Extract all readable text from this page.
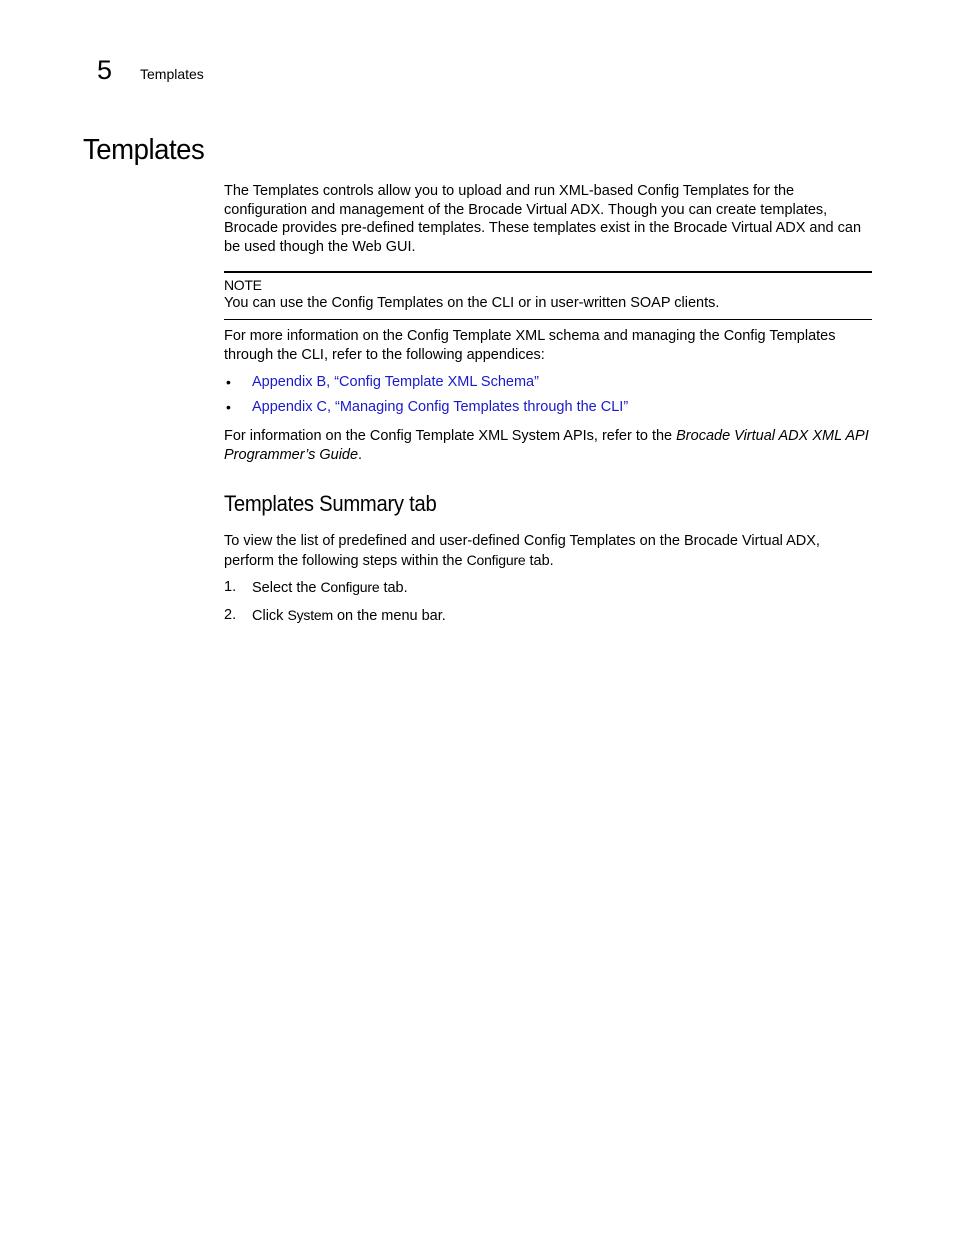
5 Templates
Templates

The Templates controls allow you to upload and run XML-based Config Templates for the configuration and management of the Brocade Virtual ADX. Though you can create templates, Brocade provides pre-defined templates. These templates exist in the Brocade Virtual ADX and can be used though the Web GUI.

NOTE
You can use the Config Templates on the CLI or in user-written SOAP clients.

For more information on the Config Template XML schema and managing the Config Templates through the CLI, refer to the following appendices:

• Appendix B, “Config Template XML Schema”
• Appendix C, “Managing Config Templates through the CLI”

For information on the Config Template XML System APIs, refer to the Brocade Virtual ADX XML API Programmer’s Guide.

Templates Summary tab

To view the list of predefined and user-defined Config Templates on the Brocade Virtual ADX, perform the following steps within the Configure tab.

1. Select the Configure tab.
2. Click System on the menu bar.
